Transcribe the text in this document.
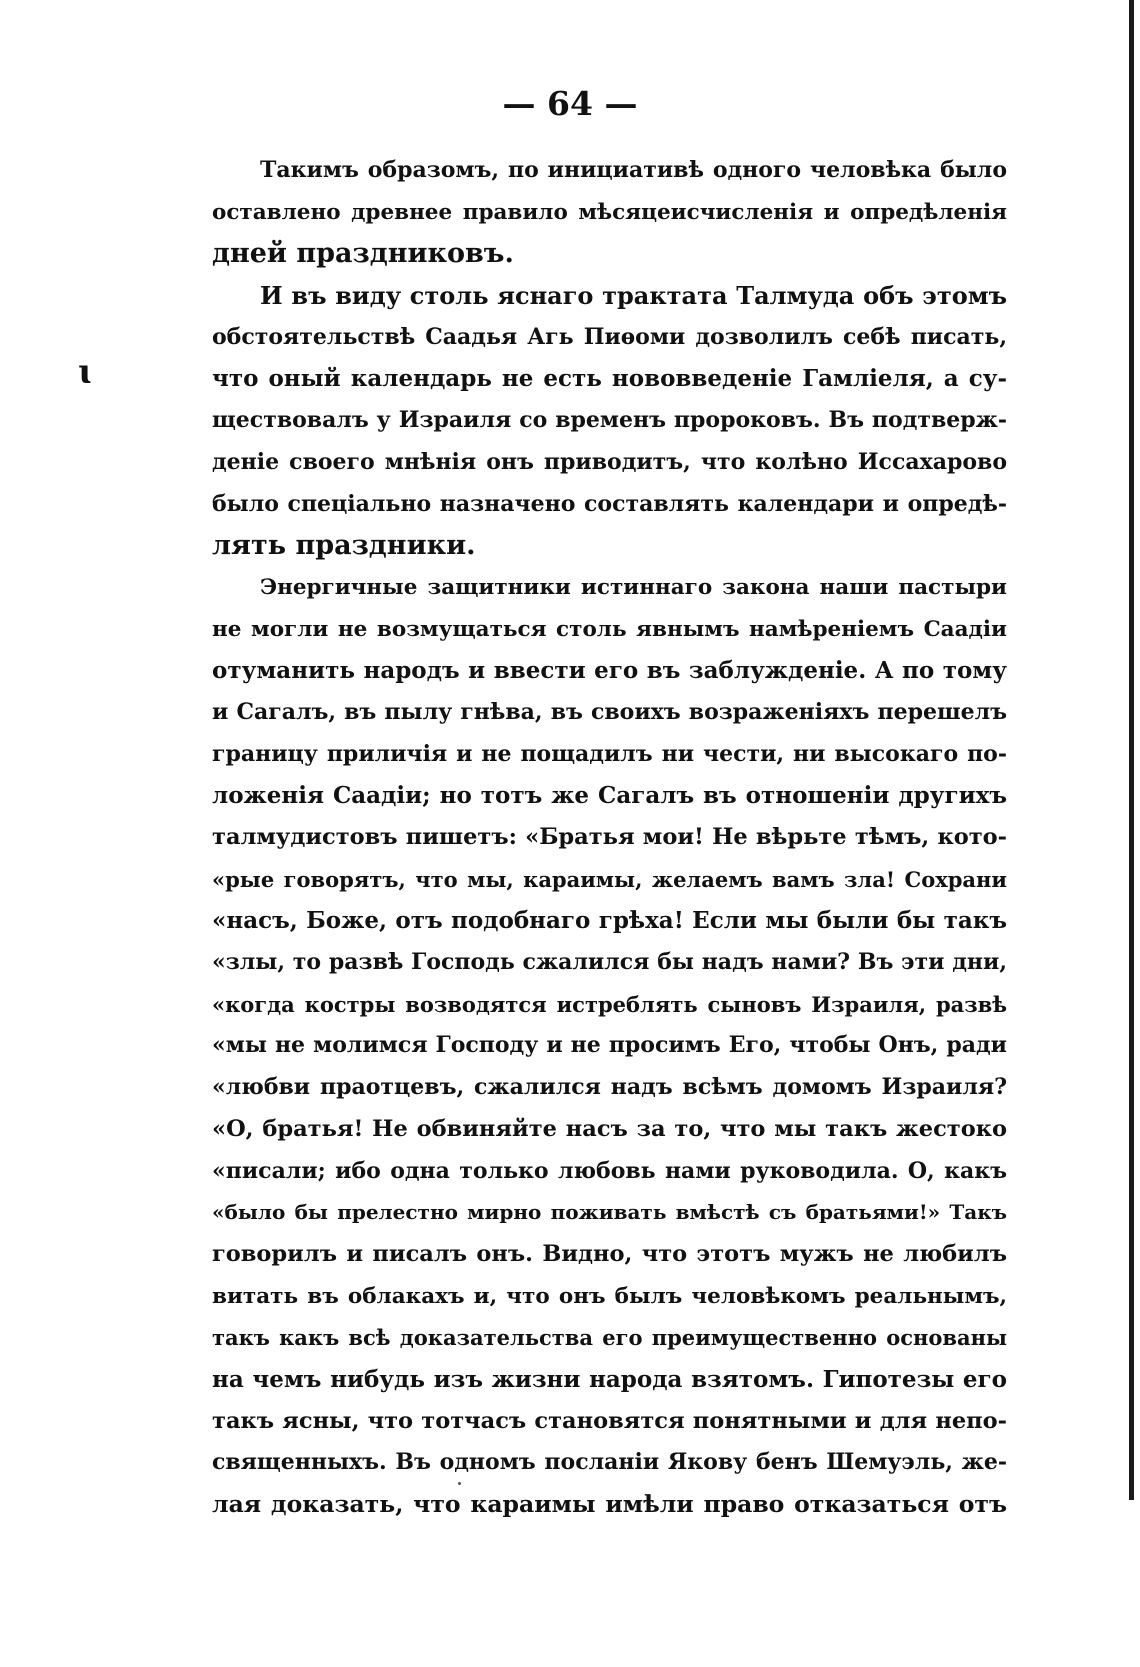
— 64 —
ɩ
Такимъ образомъ, по инициативѣ одного человѣка было
оставлено древнее правило мѣсяцеисчисленія и опредѣленія
дней праздниковъ.
И въ виду столь яснаго трактата Талмуда объ этомъ
обстоятельствѣ Саадья Агь Пиѳоми дозволилъ себѣ писать,
что оный календарь не есть нововведеніе Гамліеля, а су-
ществовалъ у Израиля со временъ пророковъ. Въ подтверж-
деніе своего мнѣнія онъ приводитъ, что колѣно Иссахарово
было спеціально назначено составлять календари и опредѣ-
лять праздники.
Энергичные защитники истиннаго закона наши пастыри
не могли не возмущаться столь явнымъ намѣреніемъ Саадіи
отуманить народъ и ввести его въ заблужденіе. А по тому
и Сагалъ, въ пылу гнѣва, въ своихъ возраженіяхъ перешелъ
границу приличія и не пощадилъ ни чести, ни высокаго по-
ложенія Саадіи; но тотъ же Сагалъ въ отношеніи другихъ
талмудистовъ пишетъ: «Братья мои! Не вѣрьте тѣмъ, кото-
«рые говорятъ, что мы, караимы, желаемъ вамъ зла! Сохрани
«насъ, Боже, отъ подобнаго грѣха! Если мы были бы такъ
«злы, то развѣ Господь сжалился бы надъ нами? Въ эти дни,
«когда костры возводятся истреблять сыновъ Израиля, развѣ
«мы не молимся Господу и не просимъ Его, чтобы Онъ, ради
«любви праотцевъ, сжалился надъ всѣмъ домомъ Израиля?
«О, братья! Не обвиняйте насъ за то, что мы такъ жестоко
«писали; ибо одна только любовь нами руководила. О, какъ
«было бы прелестно мирно поживать вмѣстѣ съ братьями!» Такъ
говорилъ и писалъ онъ. Видно, что этотъ мужъ не любилъ
витать въ облакахъ и, что онъ былъ человѣкомъ реальнымъ,
такъ какъ всѣ доказательства его преимущественно основаны
на чемъ нибудь изъ жизни народа взятомъ. Гипотезы его
такъ ясны, что тотчасъ становятся понятными и для непо-
священныхъ. Въ одномъ посланіи Якову бенъ Шемуэль, же-
лая доказать, что караимы имѣли право отказаться отъ
